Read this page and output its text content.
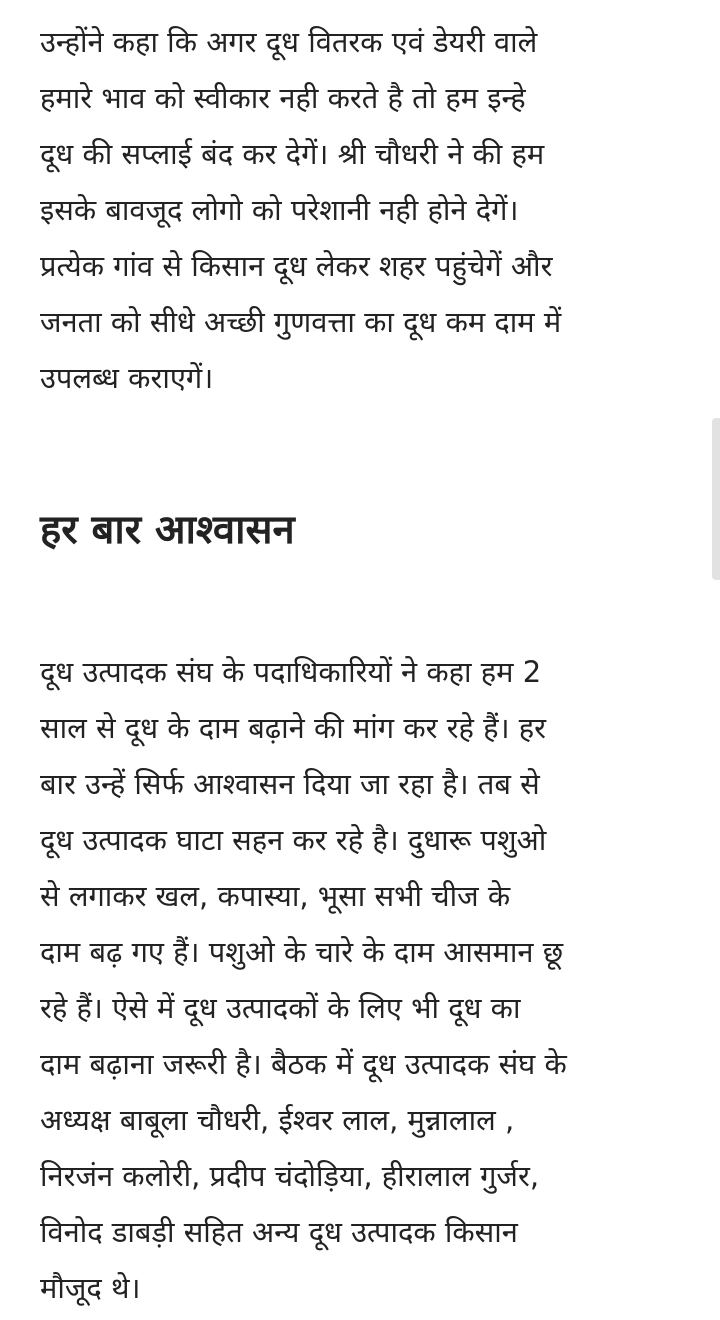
उन्होंने कहा कि अगर दूध वितरक एवं डेयरी वाले
हमारे भाव को स्वीकार नही करते है तो हम इन्हे
दूध की सप्लाई बंद कर देगें। श्री चौधरी ने की हम
इसके बावजूद लोगो को परेशानी नही होने देगें।
प्रत्येक गांव से किसान दूध लेकर शहर पहुंचेगें और
जनता को सीधे अच्छी गुणवत्ता का दूध कम दाम में
उपलब्ध कराएगें।

हर बार आश्वासन

दूध उत्पादक संघ के पदाधिकारियों ने कहा हम 2
साल से दूध के दाम बढ़ाने की मांग कर रहे हैं। हर
बार उन्हें सिर्फ आश्वासन दिया जा रहा है। तब से
दूध उत्पादक घाटा सहन कर रहे है। दुधारू पशुओ
से लगाकर खल, कपास्या, भूसा सभी चीज के
दाम बढ़ गए हैं। पशुओ के चारे के दाम आसमान छू
रहे हैं। ऐसे में दूध उत्पादकों के लिए भी दूध का
दाम बढ़ाना जरूरी है। बैठक में दूध उत्पादक संघ के
अध्यक्ष बाबूला चौधरी, ईश्वर लाल, मुन्नालाल ,
निरजंन कलोरी, प्रदीप चंदोड़िया, हीरालाल गुर्जर,
विनोद डाबड़ी सहित अन्य दूध उत्पादक किसान
मौजूद थे।
